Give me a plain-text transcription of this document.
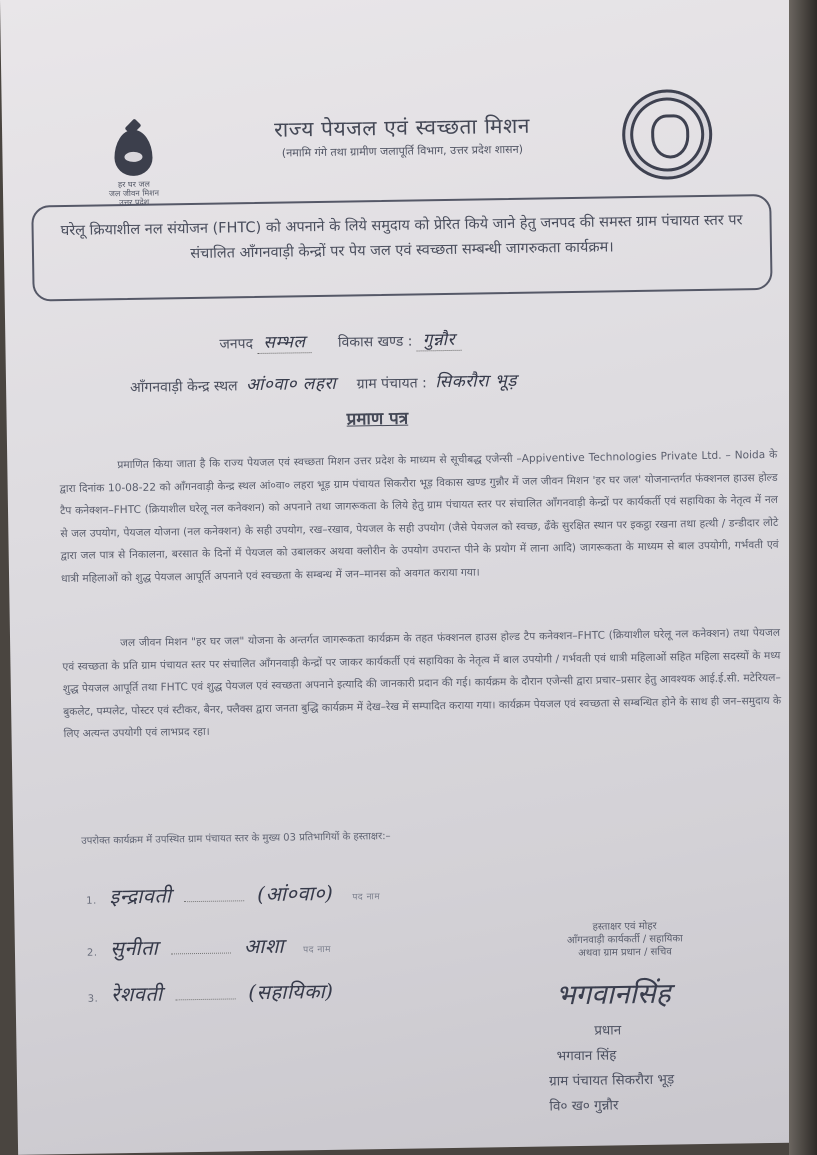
हर घर जल
जल जीवन मिशन
उत्तर प्रदेश
राज्य पेयजल एवं स्वच्छता मिशन
(नमामि गंगे तथा ग्रामीण जलापूर्ति विभाग, उत्तर प्रदेश शासन)
घरेलू क्रियाशील नल संयोजन (FHTC) को अपनाने के लिये समुदाय को प्रेरित किये जाने हेतु जनपद की समस्त ग्राम पंचायत स्तर पर संचालित आँगनवाड़ी केन्द्रों पर पेय जल एवं स्वच्छता सम्बन्धी जागरुकता कार्यक्रम।
जनपद सम्भल विकास खण्ड : गुन्नौर
आँगनवाड़ी केन्द्र स्थल आं०वा० लहरा ग्राम पंचायत : सिकरौरा भूड़
प्रमाण पत्र
प्रमाणित किया जाता है कि राज्य पेयजल एवं स्वच्छता मिशन उत्तर प्रदेश के माध्यम से सूचीबद्ध एजेन्सी –Appiventive Technologies Private Ltd. – Noida के द्वारा दिनांक 10-08-22 को आँगनवाड़ी केन्द्र स्थल आं०वा० लहरा भूड़ ग्राम पंचायत सिकरौरा भूड़ विकास खण्ड गुन्नौर में जल जीवन मिशन 'हर घर जल' योजनान्तर्गत फंक्शनल हाउस होल्ड टैप कनेक्शन–FHTC (क्रियाशील घरेलू नल कनेक्शन) को अपनाने तथा जागरूकता के लिये हेतु ग्राम पंचायत स्तर पर संचालित आँगनवाड़ी केन्द्रों पर कार्यकर्ती एवं सहायिका के नेतृत्व में नल से जल उपयोग, पेयजल योजना (नल कनेक्शन) के सही उपयोग, रख–रखाव, पेयजल के सही उपयोग (जैसे पेयजल को स्वच्छ, ढँके सुरक्षित स्थान पर इकट्ठा रखना तथा हत्थी / डन्डीदार लोटे द्वारा जल पात्र से निकालना, बरसात के दिनों में पेयजल को उबालकर अथवा क्लोरीन के उपयोग उपरान्त पीने के प्रयोग में लाना आदि) जागरूकता के माध्यम से बाल उपयोगी, गर्भवती एवं धात्री महिलाओं को शुद्ध पेयजल आपूर्ति अपनाने एवं स्वच्छता के सम्बन्ध में जन–मानस को अवगत कराया गया।
जल जीवन मिशन "हर घर जल" योजना के अन्तर्गत जागरूकता कार्यक्रम के तहत फंक्शनल हाउस होल्ड टैप कनेक्शन–FHTC (क्रियाशील घरेलू नल कनेक्शन) तथा पेयजल एवं स्वच्छता के प्रति ग्राम पंचायत स्तर पर संचालित आँगनवाड़ी केन्द्रों पर जाकर कार्यकर्ती एवं सहायिका के नेतृत्व में बाल उपयोगी / गर्भवती एवं धात्री महिलाओं सहित महिला सदस्यों के मध्य शुद्ध पेयजल आपूर्ति तथा FHTC एवं शुद्ध पेयजल एवं स्वच्छता अपनाने इत्यादि की जानकारी प्रदान की गई। कार्यक्रम के दौरान एजेन्सी द्वारा प्रचार–प्रसार हेतु आवश्यक आई.ई.सी. मटेरियल–बुकलेट, पम्पलेट, पोस्टर एवं स्टीकर, बैनर, फ्लैक्स द्वारा जनता बुद्धि कार्यक्रम में देख–रेख में सम्पादित कराया गया। कार्यक्रम पेयजल एवं स्वच्छता से सम्बन्धित होने के साथ ही जन–समुदाय के लिए अत्यन्त उपयोगी एवं लाभप्रद रहा।
उपरोक्त कार्यक्रम में उपस्थित ग्राम पंचायत स्तर के मुख्य 03 प्रतिभागियों के हस्ताक्षर:–
1. इन्द्रावती	(आं०वा०) पद नाम
2. सुनीता	आशा पद नाम
3. रेशवती	(सहायिका)
हस्ताक्षर एवं मोहर
आँगनवाड़ी कार्यकर्ती / सहायिका
अथवा ग्राम प्रधान / सचिव
भगवानसिंह
प्रधान
भगवान सिंह
ग्राम पंचायत सिकरौरा भूड़
वि० ख० गुन्नौर
